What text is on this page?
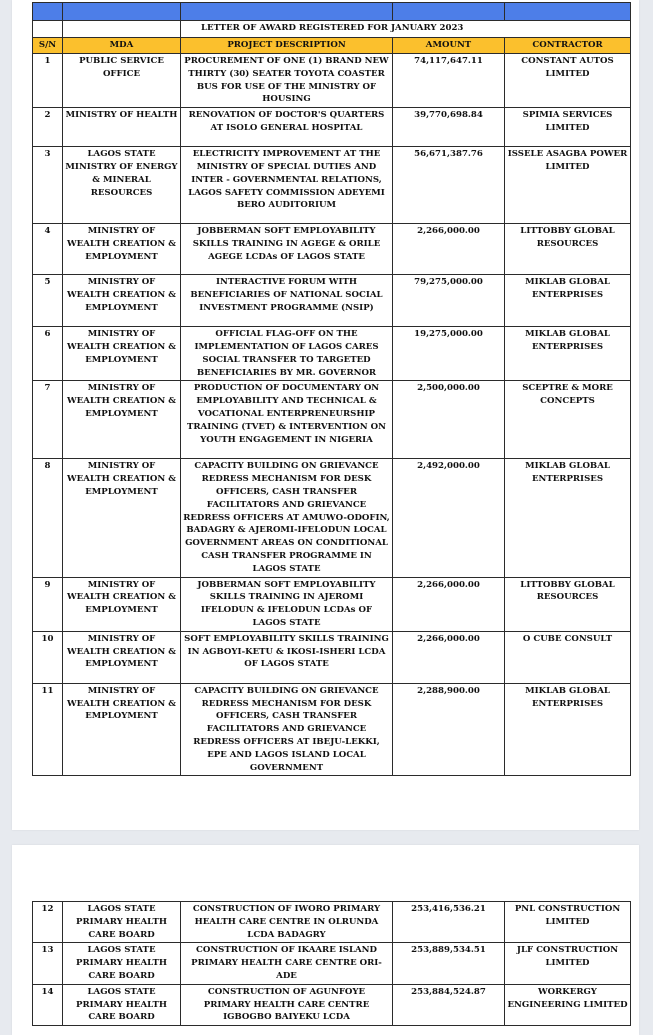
		LETTER OF AWARD REGISTERED FOR JANUARY 2023		
S/N	MDA	PROJECT DESCRIPTION	AMOUNT	CONTRACTOR
1	PUBLIC SERVICE OFFICE	PROCUREMENT OF ONE (1) BRAND NEW THIRTY (30) SEATER TOYOTA COASTER BUS FOR USE OF THE MINISTRY OF HOUSING	74,117,647.11	CONSTANT AUTOS LIMITED
2	MINISTRY OF HEALTH	RENOVATION OF DOCTOR'S QUARTERS AT ISOLO GENERAL HOSPITAL	39,770,698.84	SPIMIA SERVICES LIMITED
3	LAGOS STATE MINISTRY OF ENERGY & MINERAL RESOURCES	ELECTRICITY IMPROVEMENT AT THE MINISTRY OF SPECIAL DUTIES AND INTER - GOVERNMENTAL RELATIONS, LAGOS SAFETY COMMISSION ADEYEMI BERO AUDITORIUM	56,671,387.76	ISSELE ASAGBA POWER LIMITED
4	MINISTRY OF WEALTH CREATION & EMPLOYMENT	JOBBERMAN SOFT EMPLOYABILITY SKILLS TRAINING IN AGEGE & ORILE AGEGE LCDAs OF LAGOS STATE	2,266,000.00	LITTOBBY GLOBAL RESOURCES
5	MINISTRY OF WEALTH CREATION & EMPLOYMENT	INTERACTIVE FORUM WITH BENEFICIARIES OF NATIONAL SOCIAL INVESTMENT PROGRAMME (NSIP)	79,275,000.00	MIKLAB GLOBAL ENTERPRISES
6	MINISTRY OF WEALTH CREATION & EMPLOYMENT	OFFICIAL FLAG-OFF ON THE IMPLEMENTATION OF LAGOS CARES SOCIAL TRANSFER TO TARGETED BENEFICIARIES BY MR. GOVERNOR	19,275,000.00	MIKLAB GLOBAL ENTERPRISES
7	MINISTRY OF WEALTH CREATION & EMPLOYMENT	PRODUCTION OF DOCUMENTARY ON EMPLOYABILITY AND TECHNICAL & VOCATIONAL ENTERPRENEURSHIP TRAINING (TVET) & INTERVENTION ON YOUTH ENGAGEMENT IN NIGERIA	2,500,000.00	SCEPTRE & MORE CONCEPTS
8	MINISTRY OF WEALTH CREATION & EMPLOYMENT	CAPACITY BUILDING ON GRIEVANCE REDRESS MECHANISM FOR DESK OFFICERS, CASH TRANSFER FACILITATORS AND GRIEVANCE REDRESS OFFICERS AT AMUWO-ODOFIN, BADAGRY & AJEROMI-IFELODUN LOCAL GOVERNMENT AREAS ON CONDITIONAL CASH TRANSFER PROGRAMME IN LAGOS STATE	2,492,000.00	MIKLAB GLOBAL ENTERPRISES
9	MINISTRY OF WEALTH CREATION & EMPLOYMENT	JOBBERMAN SOFT EMPLOYABILITY SKILLS TRAINING IN AJEROMI IFELODUN & IFELODUN LCDAs OF LAGOS STATE	2,266,000.00	LITTOBBY GLOBAL RESOURCES
10	MINISTRY OF WEALTH CREATION & EMPLOYMENT	SOFT EMPLOYABILITY SKILLS TRAINING IN AGBOYI-KETU & IKOSI-ISHERI LCDA OF LAGOS STATE	2,266,000.00	O CUBE CONSULT
11	MINISTRY OF WEALTH CREATION & EMPLOYMENT	CAPACITY BUILDING ON GRIEVANCE REDRESS MECHANISM FOR DESK OFFICERS, CASH TRANSFER FACILITATORS AND GRIEVANCE REDRESS OFFICERS AT IBEJU-LEKKI, EPE AND LAGOS ISLAND LOCAL GOVERNMENT	2,288,900.00	MIKLAB GLOBAL ENTERPRISES
12	LAGOS STATE PRIMARY HEALTH CARE BOARD	CONSTRUCTION OF IWORO PRIMARY HEALTH CARE CENTRE IN OLRUNDA LCDA BADAGRY	253,416,536.21	PNL CONSTRUCTION LIMITED
13	LAGOS STATE PRIMARY HEALTH CARE BOARD	CONSTRUCTION OF IKAARE ISLAND PRIMARY HEALTH CARE CENTRE ORI-ADE	253,889,534.51	JLF CONSTRUCTION LIMITED
14	LAGOS STATE PRIMARY HEALTH CARE BOARD	CONSTRUCTION OF AGUNFOYE PRIMARY HEALTH CARE CENTRE IGBOGBO BAIYEKU LCDA	253,884,524.87	WORKERGY ENGINEERING LIMITED
